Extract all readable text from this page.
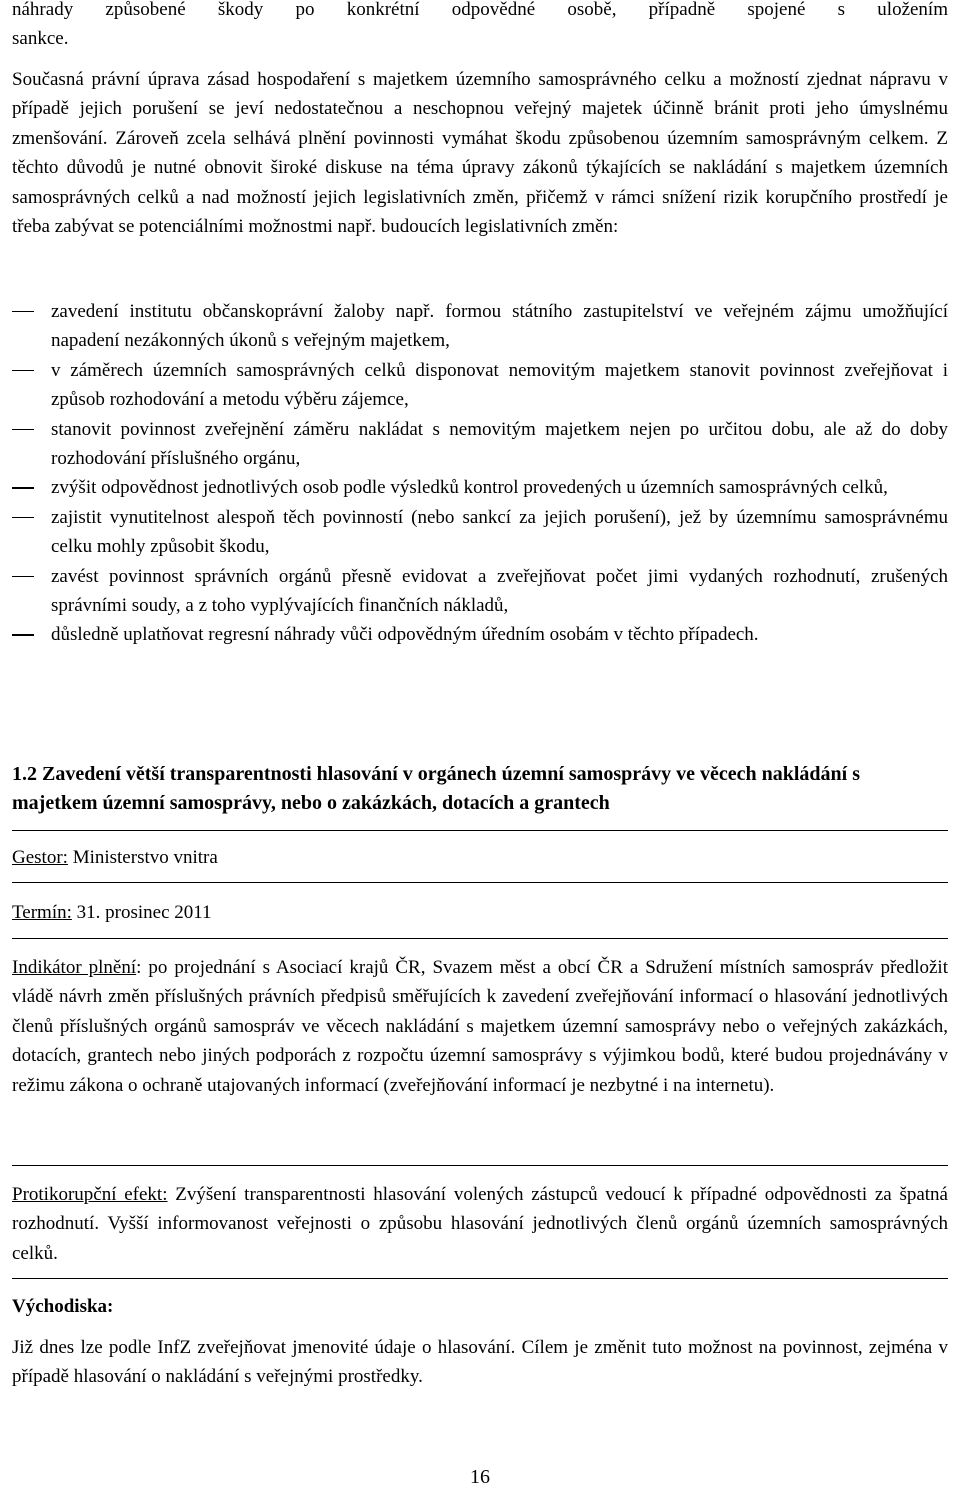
náhrady způsobené škody po konkrétní odpovědné osobě, případně spojené s uložením
sankce.

Současná právní úprava zásad hospodaření s majetkem územního samosprávného celku a možností zjednat nápravu v případě jejich porušení se jeví nedostatečnou a neschopnou veřejný majetek účinně bránit proti jeho úmyslnému zmenšování. Zároveň zcela selhává plnění povinnosti vymáhat škodu způsobenou územním samosprávným celkem. Z těchto důvodů je nutné obnovit široké diskuse na téma úpravy zákonů týkajících se nakládání s majetkem územních samosprávných celků a nad možností jejich legislativních změn, přičemž v rámci snížení rizik korupčního prostředí je třeba zabývat se potenciálními možnostmi např. budoucích legislativních změn:

zavedení institutu občanskoprávní žaloby např. formou státního zastupitelství ve veřejném zájmu umožňující napadení nezákonných úkonů s veřejným majetkem,
v záměrech územních samosprávných celků disponovat nemovitým majetkem stanovit povinnost zveřejňovat i způsob rozhodování a metodu výběru zájemce,
stanovit povinnost zveřejnění záměru nakládat s nemovitým majetkem nejen po určitou dobu, ale až do doby rozhodování příslušného orgánu,
zvýšit odpovědnost jednotlivých osob podle výsledků kontrol provedených u územních samosprávných celků,
zajistit vynutitelnost alespoň těch povinností (nebo sankcí za jejich porušení), jež by územnímu samosprávnému celku mohly způsobit škodu,
zavést povinnost správních orgánů přesně evidovat a zveřejňovat počet jimi vydaných rozhodnutí, zrušených správními soudy, a z toho vyplývajících finančních nákladů,
důsledně uplatňovat regresní náhrady vůči odpovědným úředním osobám v těchto případech.
1.2 Zavedení větší transparentnosti hlasování v orgánech územní samosprávy ve věcech nakládání s majetkem územní samosprávy, nebo o zakázkách, dotacích a grantech

Gestor: Ministerstvo vnitra

Termín: 31. prosinec 2011

Indikátor plnění: po projednání s Asociací krajů ČR, Svazem měst a obcí ČR a Sdružení místních samospráv předložit vládě návrh změn příslušných právních předpisů směřujících k zavedení zveřejňování informací o hlasování jednotlivých členů příslušných orgánů samospráv ve věcech nakládání s majetkem územní samosprávy nebo o veřejných zakázkách, dotacích, grantech nebo jiných podporách z rozpočtu územní samosprávy s výjimkou bodů, které budou projednávány v režimu zákona o ochraně utajovaných informací (zveřejňování informací je nezbytné i na internetu).

Protikorupční efekt: Zvýšení transparentnosti hlasování volených zástupců vedoucí k případné odpovědnosti za špatná rozhodnutí. Vyšší informovanost veřejnosti o způsobu hlasování jednotlivých členů orgánů územních samosprávných celků.

Východiska:

Již dnes lze podle InfZ zveřejňovat jmenovité údaje o hlasování. Cílem je změnit tuto možnost na povinnost, zejména v případě hlasování o nakládání s veřejnými prostředky.

16
